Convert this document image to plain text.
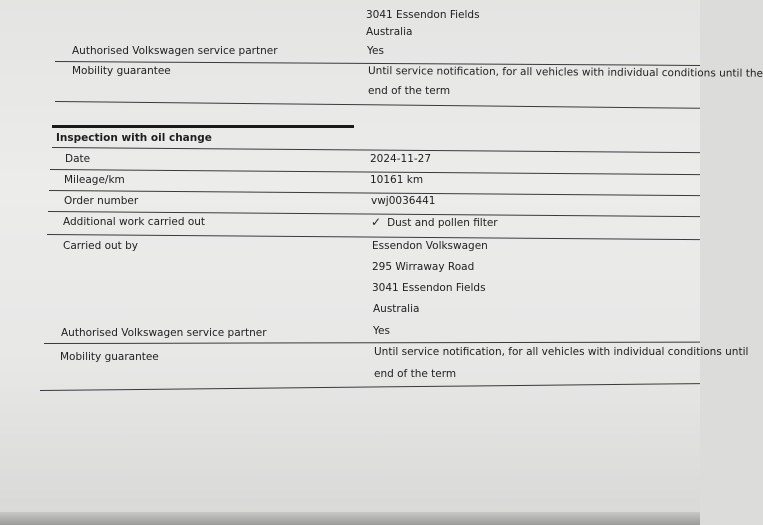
3041 Essendon Fields
Australia
Authorised Volkswagen service partner	Yes
Mobility guarantee	Until service notification, for all vehicles with individual conditions until the
end of the term
Inspection with oil change
Date	2024-11-27
Mileage/km	10161 km
Order number	vwj0036441
Additional work carried out	✓ Dust and pollen filter
Carried out by	Essendon Volkswagen
295 Wirraway Road
3041 Essendon Fields
Australia
Authorised Volkswagen service partner	Yes
Mobility guarantee	Until service notification, for all vehicles with individual conditions until
end of the term
